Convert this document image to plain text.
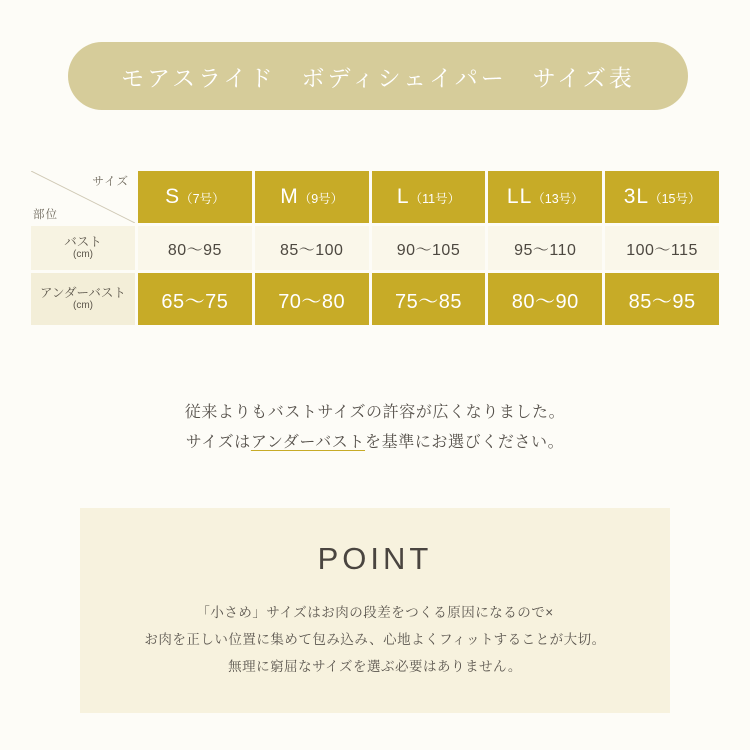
モアスライド　ボディシェイパー　サイズ表
サイズ
部位	S（7号）	M（9号）	L（11号）	LL（13号）	3L（15号）
バスト
(cm)	80〜95	85〜100	90〜105	95〜110	100〜115
アンダーバスト
(cm)	65〜75	70〜80	75〜85	80〜90	85〜95
従来よりもバストサイズの許容が広くなりました。
サイズはアンダーバストを基準にお選びください。
POINT
「小さめ」サイズはお肉の段差をつくる原因になるので×
お肉を正しい位置に集めて包み込み、心地よくフィットすることが大切。
無理に窮屈なサイズを選ぶ必要はありません。
